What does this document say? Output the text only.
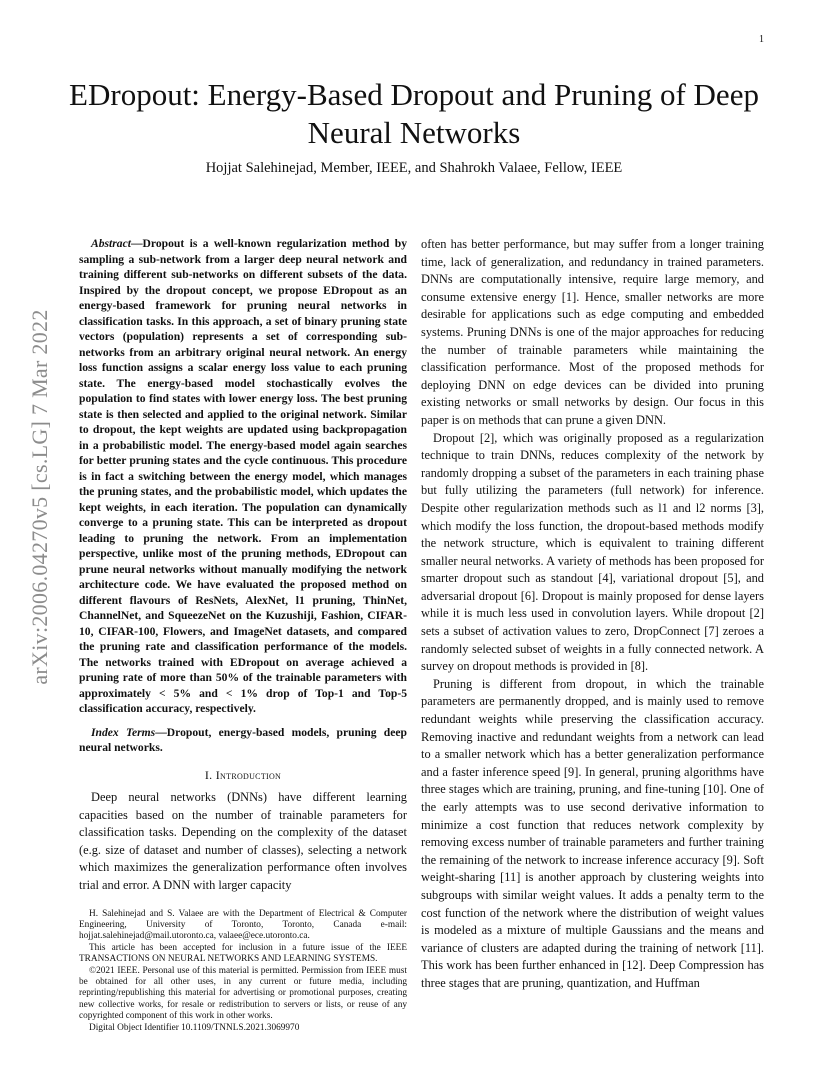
1
EDropout: Energy-Based Dropout and Pruning of Deep Neural Networks
Hojjat Salehinejad, Member, IEEE, and Shahrokh Valaee, Fellow, IEEE
arXiv:2006.04270v5 [cs.LG] 7 Mar 2022

Abstract—Dropout is a well-known regularization method by sampling a sub-network from a larger deep neural network and training different sub-networks on different subsets of the data. Inspired by the dropout concept, we propose EDropout as an energy-based framework for pruning neural networks in classification tasks. In this approach, a set of binary pruning state vectors (population) represents a set of corresponding sub-networks from an arbitrary original neural network. An energy loss function assigns a scalar energy loss value to each pruning state. The energy-based model stochastically evolves the population to find states with lower energy loss. The best pruning state is then selected and applied to the original network. Similar to dropout, the kept weights are updated using backpropagation in a probabilistic model. The energy-based model again searches for better pruning states and the cycle continuous. This procedure is in fact a switching between the energy model, which manages the pruning states, and the probabilistic model, which updates the kept weights, in each iteration. The population can dynamically converge to a pruning state. This can be interpreted as dropout leading to pruning the network. From an implementation perspective, unlike most of the pruning methods, EDropout can prune neural networks without manually modifying the network architecture code. We have evaluated the proposed method on different flavours of ResNets, AlexNet, l1 pruning, ThinNet, ChannelNet, and SqueezeNet on the Kuzushiji, Fashion, CIFAR-10, CIFAR-100, Flowers, and ImageNet datasets, and compared the pruning rate and classification performance of the models. The networks trained with EDropout on average achieved a pruning rate of more than 50% of the trainable parameters with approximately < 5% and < 1% drop of Top-1 and Top-5 classification accuracy, respectively.

Index Terms—Dropout, energy-based models, pruning deep neural networks.

I. Introduction

Deep neural networks (DNNs) have different learning capacities based on the number of trainable parameters for classification tasks. Depending on the complexity of the dataset (e.g. size of dataset and number of classes), selecting a network which maximizes the generalization performance often involves trial and error. A DNN with larger capacity

H. Salehinejad and S. Valaee are with the Department of Electrical & Computer Engineering, University of Toronto, Toronto, Canada e-mail: hojjat.salehinejad@mail.utoronto.ca, valaee@ece.utoronto.ca.

This article has been accepted for inclusion in a future issue of the IEEE TRANSACTIONS ON NEURAL NETWORKS AND LEARNING SYSTEMS.

©2021 IEEE. Personal use of this material is permitted. Permission from IEEE must be obtained for all other uses, in any current or future media, including reprinting/republishing this material for advertising or promotional purposes, creating new collective works, for resale or redistribution to servers or lists, or reuse of any copyrighted component of this work in other works.

Digital Object Identifier 10.1109/TNNLS.2021.3069970

often has better performance, but may suffer from a longer training time, lack of generalization, and redundancy in trained parameters. DNNs are computationally intensive, require large memory, and consume extensive energy [1]. Hence, smaller networks are more desirable for applications such as edge computing and embedded systems. Pruning DNNs is one of the major approaches for reducing the number of trainable parameters while maintaining the classification performance. Most of the proposed methods for deploying DNN on edge devices can be divided into pruning existing networks or small networks by design. Our focus in this paper is on methods that can prune a given DNN.

Dropout [2], which was originally proposed as a regularization technique to train DNNs, reduces complexity of the network by randomly dropping a subset of the parameters in each training phase but fully utilizing the parameters (full network) for inference. Despite other regularization methods such as l1 and l2 norms [3], which modify the loss function, the dropout-based methods modify the network structure, which is equivalent to training different smaller neural networks. A variety of methods has been proposed for smarter dropout such as standout [4], variational dropout [5], and adversarial dropout [6]. Dropout is mainly proposed for dense layers while it is much less used in convolution layers. While dropout [2] sets a subset of activation values to zero, DropConnect [7] zeroes a randomly selected subset of weights in a fully connected network. A survey on dropout methods is provided in [8].

Pruning is different from dropout, in which the trainable parameters are permanently dropped, and is mainly used to remove redundant weights while preserving the classification accuracy. Removing inactive and redundant weights from a network can lead to a smaller network which has a better generalization performance and a faster inference speed [9]. In general, pruning algorithms have three stages which are training, pruning, and fine-tuning [10]. One of the early attempts was to use second derivative information to minimize a cost function that reduces network complexity by removing excess number of trainable parameters and further training the remaining of the network to increase inference accuracy [9]. Soft weight-sharing [11] is another approach by clustering weights into subgroups with similar weight values. It adds a penalty term to the cost function of the network where the distribution of weight values is modeled as a mixture of multiple Gaussians and the means and variance of clusters are adapted during the training of network [11]. This work has been further enhanced in [12]. Deep Compression has three stages that are pruning, quantization, and Huffman
